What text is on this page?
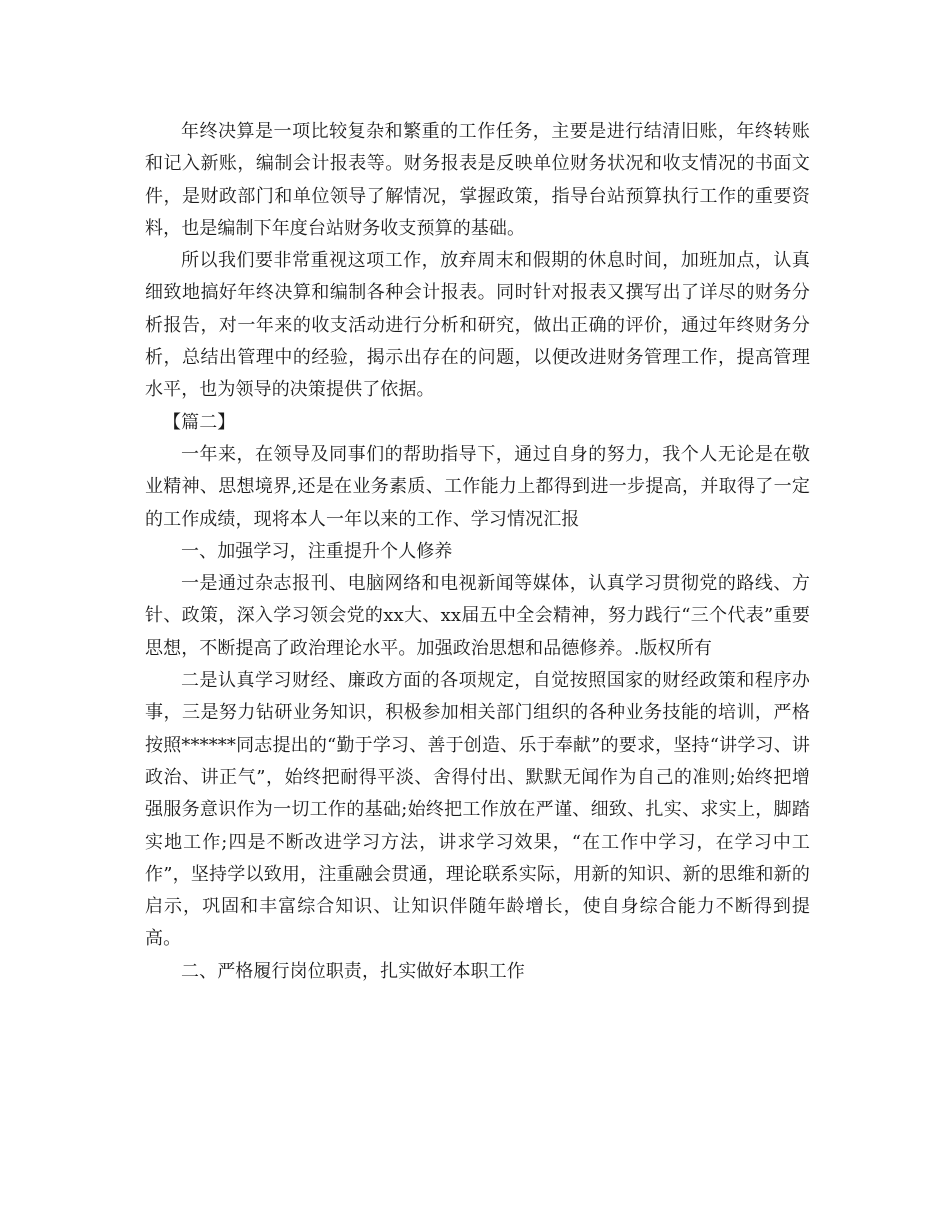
年终决算是一项比较复杂和繁重的工作任务，主要是进行结清旧账，年终转账和记入新账，编制会计报表等。财务报表是反映单位财务状况和收支情况的书面文件，是财政部门和单位领导了解情况，掌握政策，指导台站预算执行工作的重要资料，也是编制下年度台站财务收支预算的基础。

所以我们要非常重视这项工作，放弃周末和假期的休息时间，加班加点，认真细致地搞好年终决算和编制各种会计报表。同时针对报表又撰写出了详尽的财务分析报告，对一年来的收支活动进行分析和研究，做出正确的评价，通过年终财务分析，总结出管理中的经验，揭示出存在的问题，以便改进财务管理工作，提高管理水平，也为领导的决策提供了依据。

【篇二】

一年来，在领导及同事们的帮助指导下，通过自身的努力，我个人无论是在敬业精神、思想境界,还是在业务素质、工作能力上都得到进一步提高，并取得了一定的工作成绩，现将本人一年以来的工作、学习情况汇报

一、加强学习，注重提升个人修养

一是通过杂志报刊、电脑网络和电视新闻等媒体，认真学习贯彻党的路线、方针、政策，深入学习领会党的xx大、xx届五中全会精神，努力践行“三个代表”重要思想，不断提高了政治理论水平。加强政治思想和品德修养。.版权所有

二是认真学习财经、廉政方面的各项规定，自觉按照国家的财经政策和程序办事，三是努力钻研业务知识，积极参加相关部门组织的各种业务技能的培训，严格按照******同志提出的“勤于学习、善于创造、乐于奉献”的要求，坚持“讲学习、讲政治、讲正气”，始终把耐得平淡、舍得付出、默默无闻作为自己的准则;始终把增强服务意识作为一切工作的基础;始终把工作放在严谨、细致、扎实、求实上，脚踏实地工作;四是不断改进学习方法，讲求学习效果，“在工作中学习，在学习中工作”，坚持学以致用，注重融会贯通，理论联系实际，用新的知识、新的思维和新的启示，巩固和丰富综合知识、让知识伴随年龄增长，使自身综合能力不断得到提高。

二、严格履行岗位职责，扎实做好本职工作
